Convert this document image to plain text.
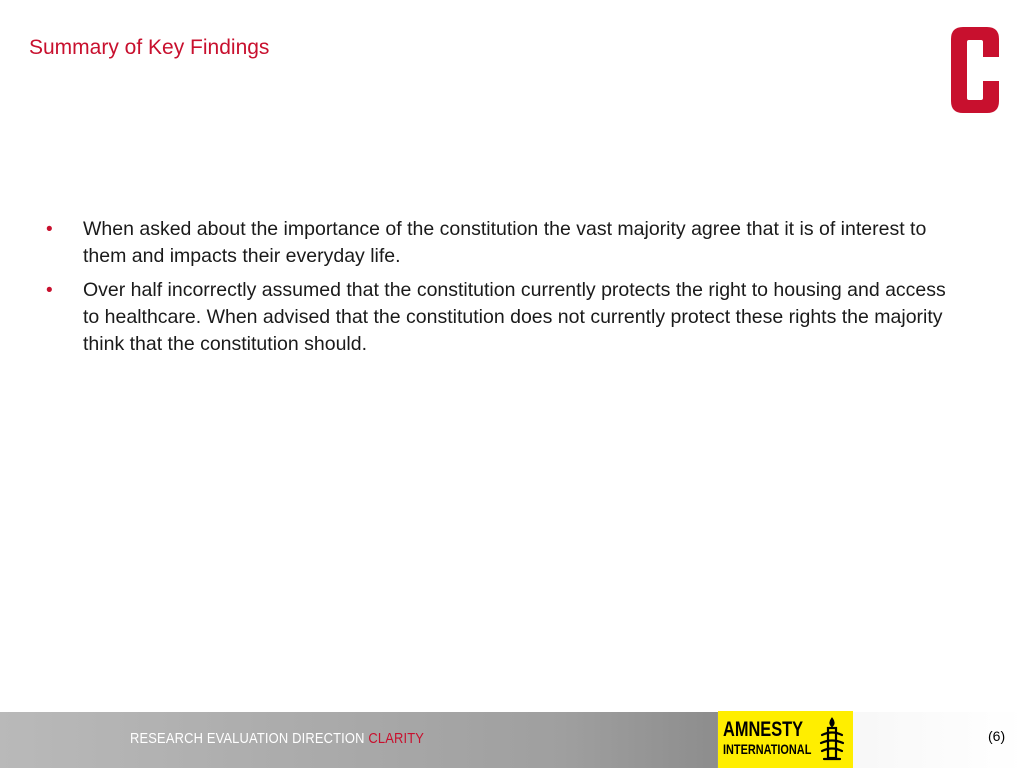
Summary of Key Findings
• When asked about the importance of the constitution the vast majority agree that it is of interest to them and impacts their everyday life.
• Over half incorrectly assumed that the constitution currently protects the right to housing and access to healthcare. When advised that the constitution does not currently protect these rights the majority think that the constitution should.
RESEARCH EVALUATION DIRECTION CLARITY	AMNESTY
INTERNATIONAL
(6)
